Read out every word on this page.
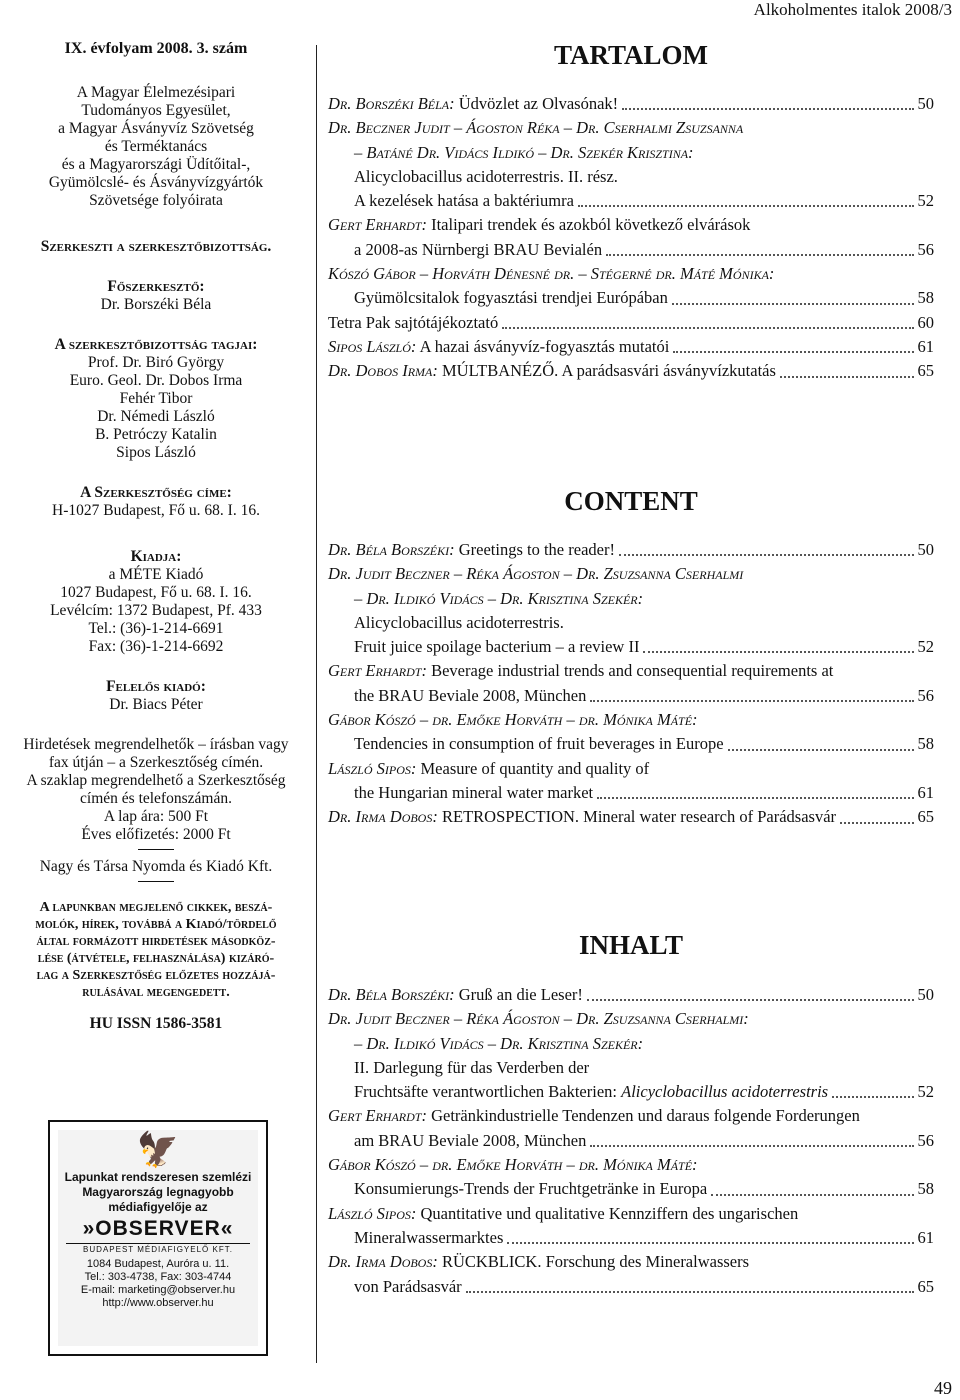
Alkoholmentes italok 2008/3

IX. évfolyam 2008. 3. szám

A Magyar Élelmezésipari

Tudományos Egyesület,

a Magyar Ásványvíz Szövetség

és Terméktanács

és a Magyarországi Üdítőital-,

Gyümölcslé- és Ásványvízgyártók

Szövetsége folyóirata

Szerkeszti a szerkesztőbizottság.

Főszerkesztő:

Dr. Borszéki Béla

A szerkesztőbizottság tagjai:

Prof. Dr. Biró György

Euro. Geol. Dr. Dobos Irma

Fehér Tibor

Dr. Némedi László

B. Petróczy Katalin

Sipos László

A Szerkesztőség címe:

H-1027 Budapest, Fő u. 68. I. 16.

Kiadja:

a MÉTE Kiadó

1027 Budapest, Fő u. 68. I. 16.

Levélcím: 1372 Budapest, Pf. 433

Tel.: (36)-1-214-6691

Fax: (36)-1-214-6692

Felelős kiadó:

Dr. Biacs Péter

Hirdetések megrendelhetők – írásban vagy

fax útján – a Szerkesztőség címén.

A szaklap megrendelhető a Szerkesztőség

címén és telefonszámán.

A lap ára: 500 Ft

Éves előfizetés: 2000 Ft

Nagy és Társa Nyomda és Kiadó Kft.

A lapunkban megjelenő cikkek, beszá-

molók, hírek, továbbá a Kiadó/tördelő

által formázott hirdetések másodköz-

lése (átvétele, felhasználása) kizáró-

lag a Szerkesztőség előzetes hozzájá-

rulásával megengedett.

HU ISSN 1586-3581

🦅
Lapunkat rendszeresen szemlézi
Magyarország legnagyobb
médiafigyelője az
»OBSERVER«
BUDAPEST MÉDIAFIGYELŐ KFT.
1084 Budapest, Auróra u. 11.
Tel.: 303-4738, Fax: 303-4744
E-mail: marketing@observer.hu
http://www.observer.hu
TARTALOM
Dr. Borszéki Béla: Üdvözlet az Olvasónak!	50
Dr. Beczner Judit – Ágoston Réka – Dr. Cserhalmi Zsuzsanna
– Batáné Dr. Vidács Ildikó – Dr. Szekér Krisztina:
Alicyclobacillus acidoterrestris. II. rész.
A kezelések hatása a baktériumra	52
Gert Erhardt: Italipari trendek és azokból következő elvárások
a 2008-as Nürnbergi BRAU Bevialén	56
Kószó Gábor – Horváth Dénesné dr. – Stégerné dr. Máté Mónika:
Gyümölcsitalok fogyasztási trendjei Európában	58
Tetra Pak sajtótájékoztató	60
Sipos László: A hazai ásványvíz-fogyasztás mutatói	61
Dr. Dobos Irma: MÚLTBANÉZŐ. A parádsasvári ásványvízkutatás	65
CONTENT
Dr. Béla Borszéki: Greetings to the reader!	50
Dr. Judit Beczner – Réka Ágoston – Dr. Zsuzsanna Cserhalmi
– Dr. Ildikó Vidács – Dr. Krisztina Szekér:
Alicyclobacillus acidoterrestris.
Fruit juice spoilage bacterium – a review II	52
Gert Erhardt: Beverage industrial trends and consequential requirements at
the BRAU Beviale 2008, München	56
Gábor Kószó – dr. Emőke Horváth – dr. Mónika Máté:
Tendencies in consumption of fruit beverages in Europe	58
László Sipos: Measure of quantity and quality of
the Hungarian mineral water market	61
Dr. Irma Dobos: RETROSPECTION. Mineral water research of Parádsasvár	65
INHALT
Dr. Béla Borszéki: Gruß an die Leser!	50
Dr. Judit Beczner – Réka Ágoston – Dr. Zsuzsanna Cserhalmi:
– Dr. Ildikó Vidács – Dr. Krisztina Szekér:
II. Darlegung für das Verderben der
Fruchtsäfte verantwortlichen Bakterien: Alicyclobacillus acidoterrestris	52
Gert Erhardt: Getränkindustrielle Tendenzen und daraus folgende Forderungen
am BRAU Beviale 2008, München	56
Gábor Kószó – dr. Emőke Horváth – dr. Mónika Máté:
Konsumierungs-Trends der Fruchtgetränke in Europa	58
László Sipos: Quantitative und qualitative Kennziffern des ungarischen
Mineralwassermarktes	61
Dr. Irma Dobos: RÜCKBLICK. Forschung des Mineralwassers
von Parádsasvár	65
49
